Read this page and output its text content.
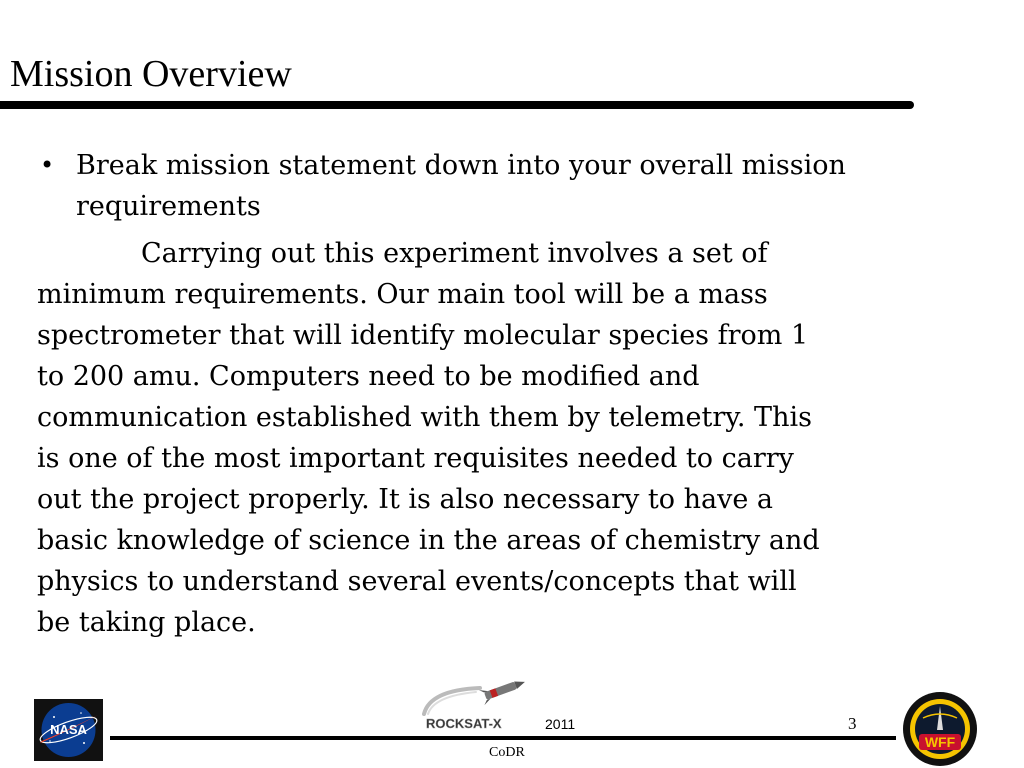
Mission Overview
• Break mission statement down into your overall mission requirements

Carrying out this experiment involves a set of
minimum requirements. Our main tool will be a mass
spectrometer that will identify molecular species from 1
to 200 amu. Computers need to be modified and
communication established with them by telemetry. This
is one of the most important requisites needed to carry
out the project properly. It is also necessary to have a
basic knowledge of science in the areas of chemistry and
physics to understand several events/concepts that will
be taking place.

NASA	ROCKSAT-X	2011	3
CoDR
WFF
